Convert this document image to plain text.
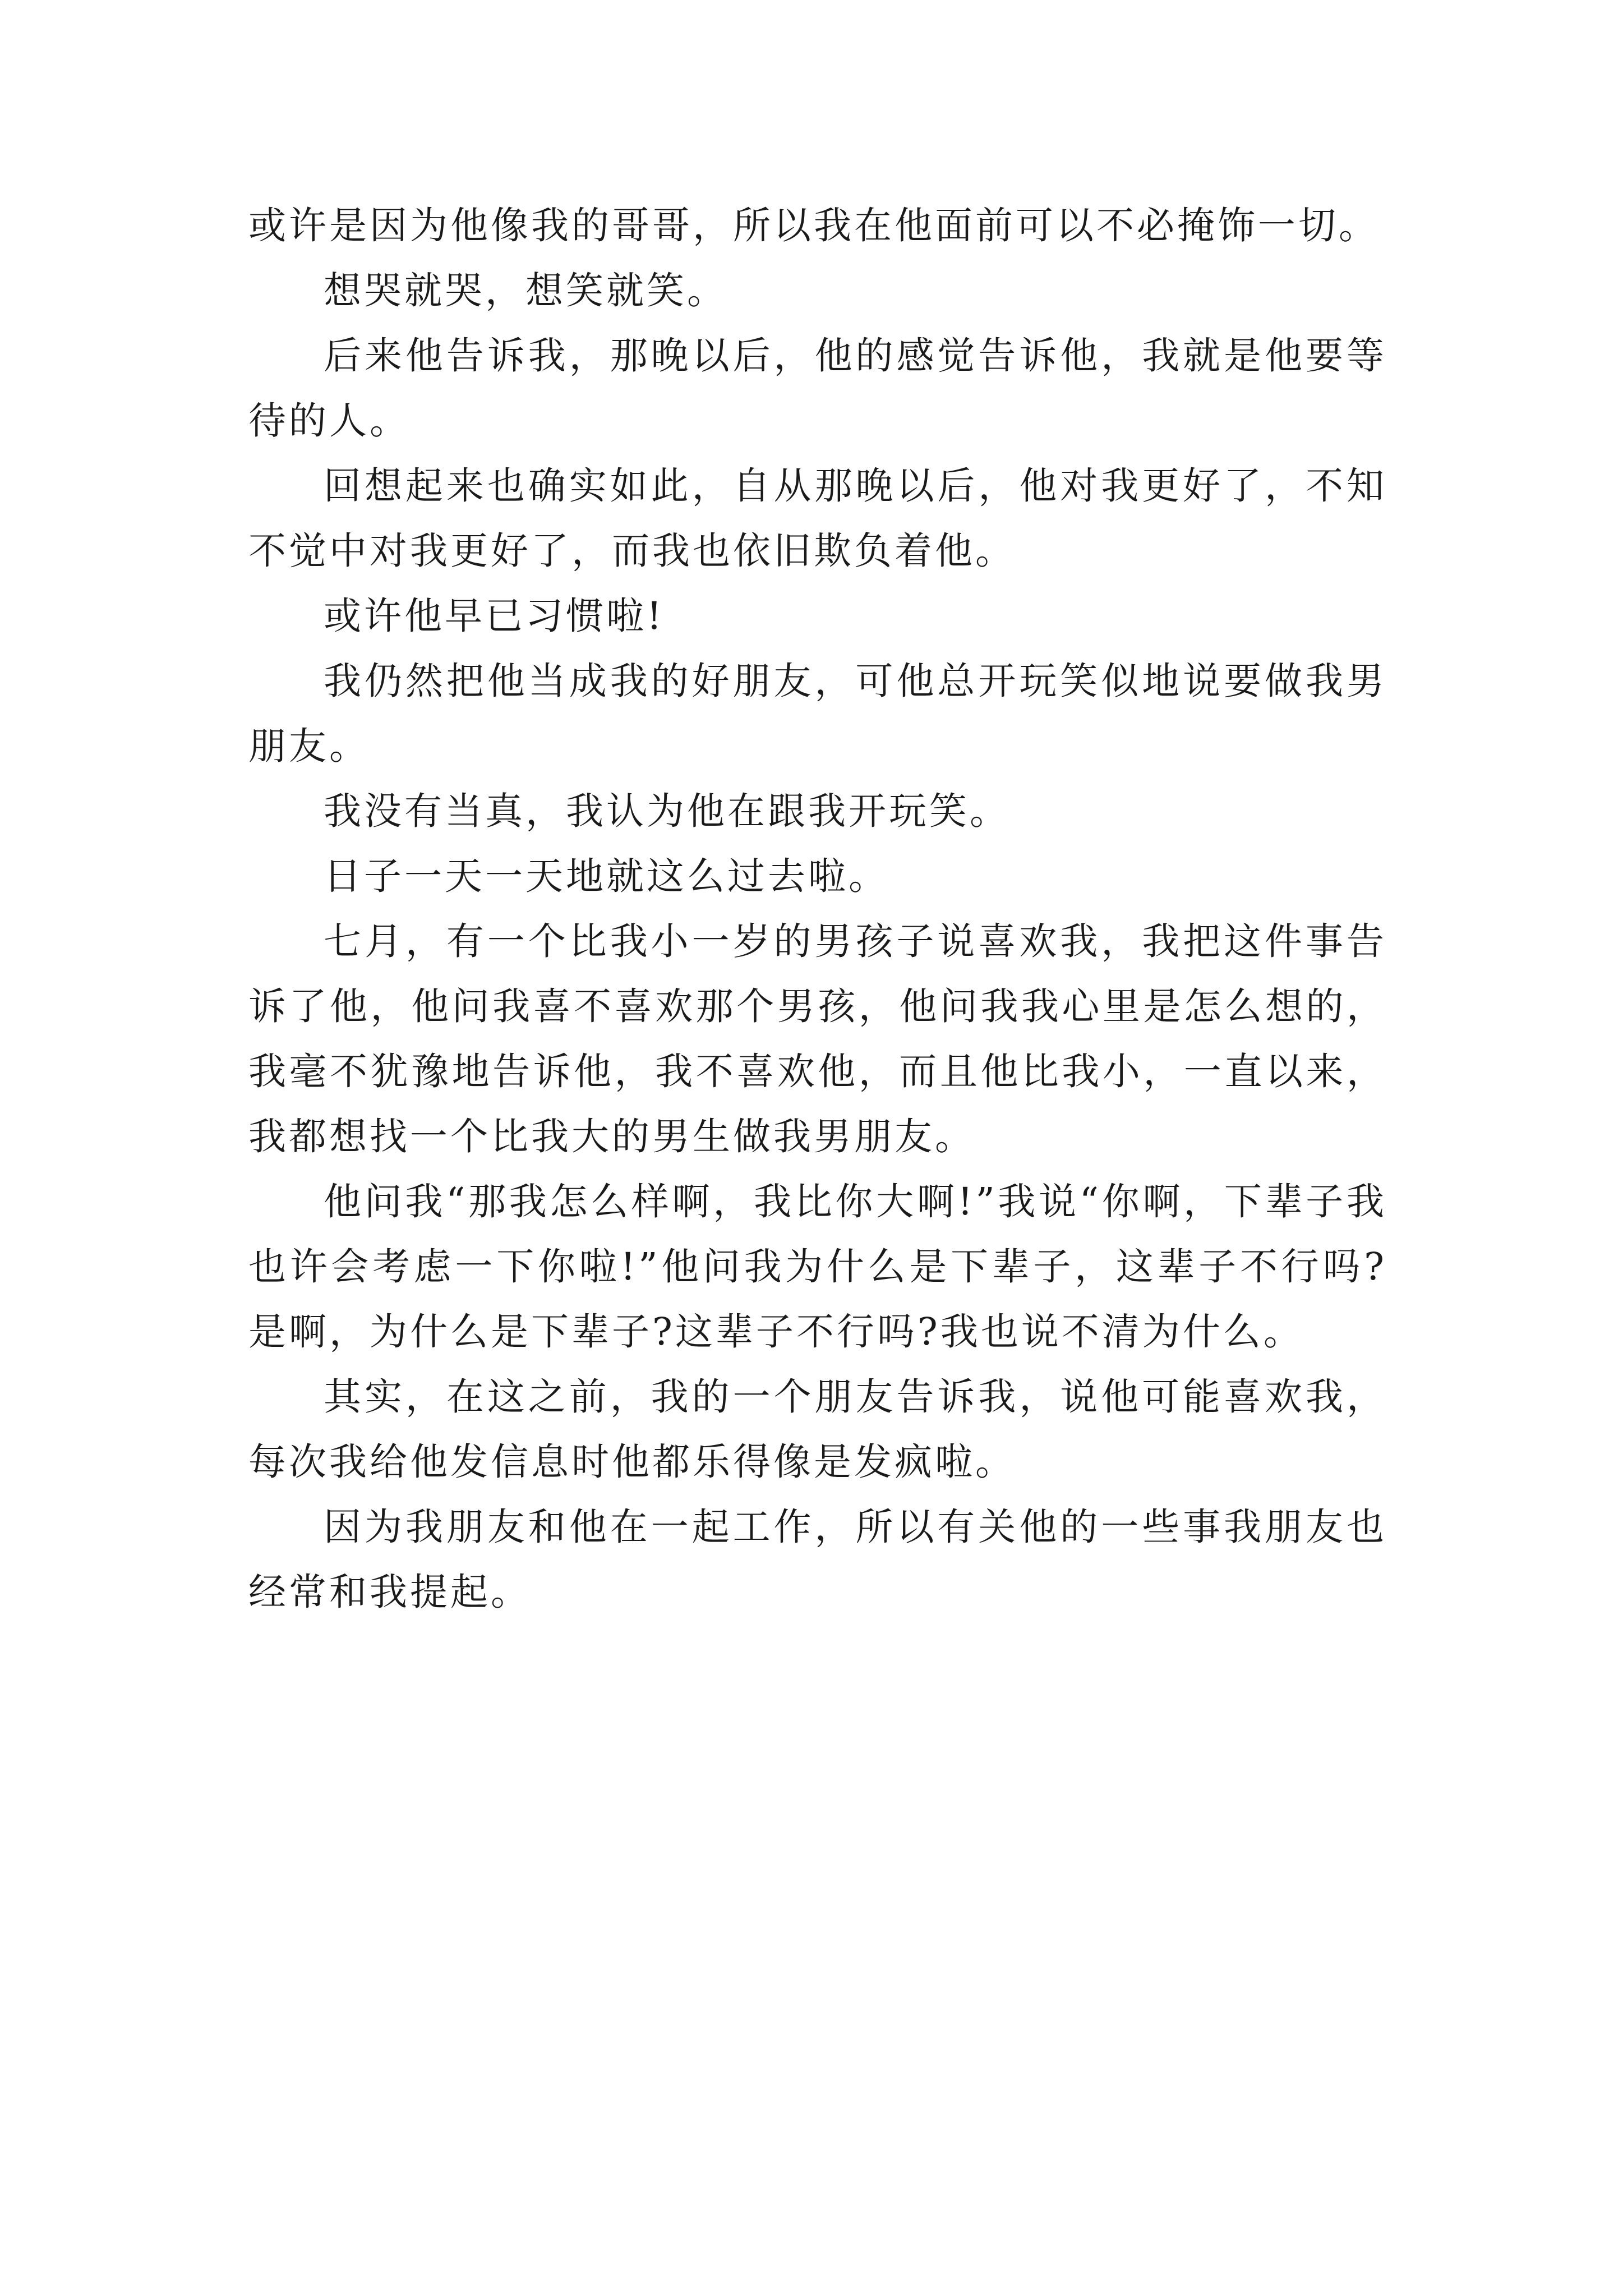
或许是因为他像我的哥哥，所以我在他面前可以不必掩饰一切。

想哭就哭，想笑就笑。

后来他告诉我，那晚以后，他的感觉告诉他，我就是他要等待的人。

回想起来也确实如此，自从那晚以后，他对我更好了，不知不觉中对我更好了，而我也依旧欺负着他。

或许他早已习惯啦!

我仍然把他当成我的好朋友，可他总开玩笑似地说要做我男朋友。

我没有当真，我认为他在跟我开玩笑。

日子一天一天地就这么过去啦。

七月，有一个比我小一岁的男孩子说喜欢我，我把这件事告诉了他，他问我喜不喜欢那个男孩，他问我我心里是怎么想的，我毫不犹豫地告诉他，我不喜欢他，而且他比我小，一直以来，我都想找一个比我大的男生做我男朋友。

他问我“那我怎么样啊，我比你大啊!”我说“你啊，下辈子我也许会考虑一下你啦!”他问我为什么是下辈子，这辈子不行吗?是啊，为什么是下辈子?这辈子不行吗?我也说不清为什么。

其实，在这之前，我的一个朋友告诉我，说他可能喜欢我，每次我给他发信息时他都乐得像是发疯啦。

因为我朋友和他在一起工作，所以有关他的一些事我朋友也经常和我提起。
